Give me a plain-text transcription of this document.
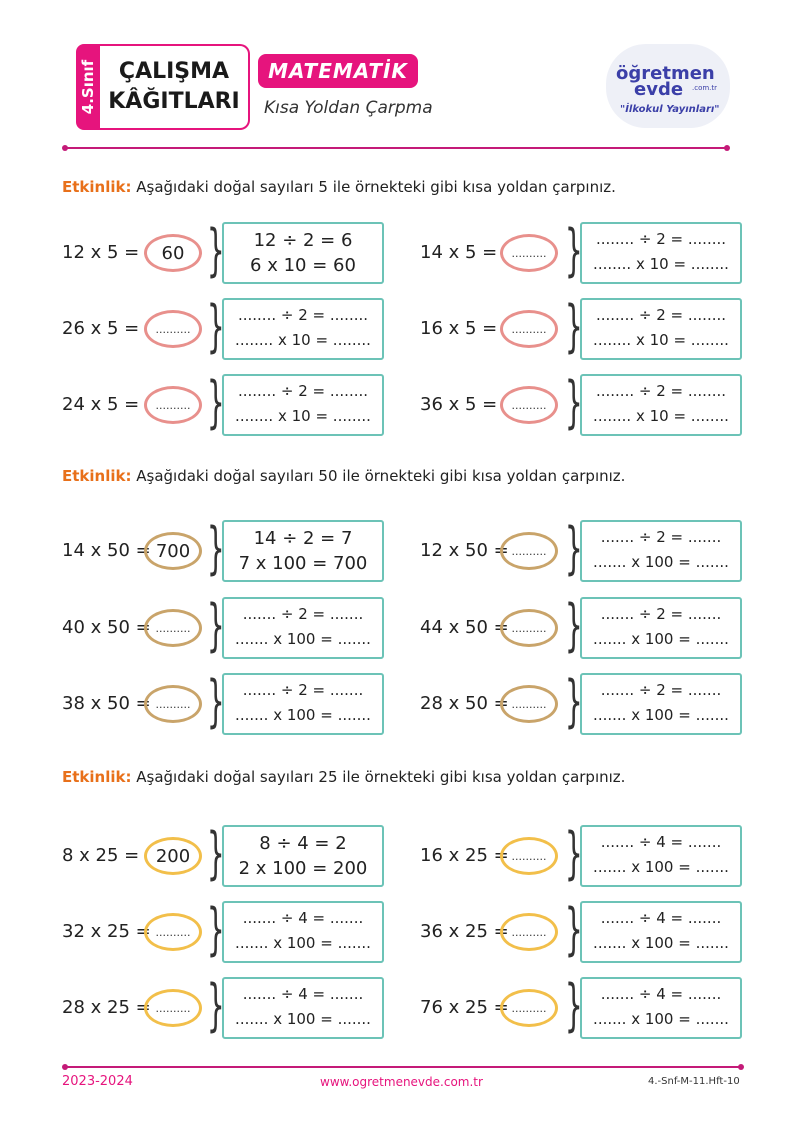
4.Sınıf ÇALIŞMA
KÂĞITLARI
MATEMATİK
Kısa Yoldan Çarpma
öğretmen
evde	.com.tr
"İlkokul Yayınları"
Etkinlik: Aşağıdaki doğal sayıları 5 ile örnekteki gibi kısa yoldan çarpınız.
12 x 5 = 60 }	12 ÷ 2 = 6
6 x 10 = 60
14 x 5 = .......... } ........ ÷ 2 = ........
........ x 10 = ........
26 x 5 = .......... } ........ ÷ 2 = ........
........ x 10 = ........
16 x 5 = .......... } ........ ÷ 2 = ........
........ x 10 = ........
24 x 5 = .......... } ........ ÷ 2 = ........
........ x 10 = ........
36 x 5 = .......... } ........ ÷ 2 = ........
........ x 10 = ........
Etkinlik: Aşağıdaki doğal sayıları 50 ile örnekteki gibi kısa yoldan çarpınız.
14 x 50 = 700 }	14 ÷ 2 = 7
7 x 100 = 700
12 x 50 = .......... }	....... ÷ 2 = .......
....... x 100 = .......
40 x 50 = .......... }	....... ÷ 2 = .......
....... x 100 = .......
44 x 50 = .......... }	....... ÷ 2 = .......
....... x 100 = .......
38 x 50 = .......... }	....... ÷ 2 = .......
....... x 100 = .......
28 x 50 = .......... }	....... ÷ 2 = .......
....... x 100 = .......
Etkinlik: Aşağıdaki doğal sayıları 25 ile örnekteki gibi kısa yoldan çarpınız.
8 x 25 = 200 }	8 ÷ 4 = 2
2 x 100 = 200
16 x 25 = .......... }	....... ÷ 4 = .......
....... x 100 = .......
32 x 25 = .......... }	....... ÷ 4 = .......
....... x 100 = .......
36 x 25 = .......... }	....... ÷ 4 = .......
....... x 100 = .......
28 x 25 = .......... }	....... ÷ 4 = .......
....... x 100 = .......
76 x 25 = .......... }	....... ÷ 4 = .......
....... x 100 = .......
2023-2024	www.ogretmenevde.com.tr	4.-Snf-M-11.Hft-10
